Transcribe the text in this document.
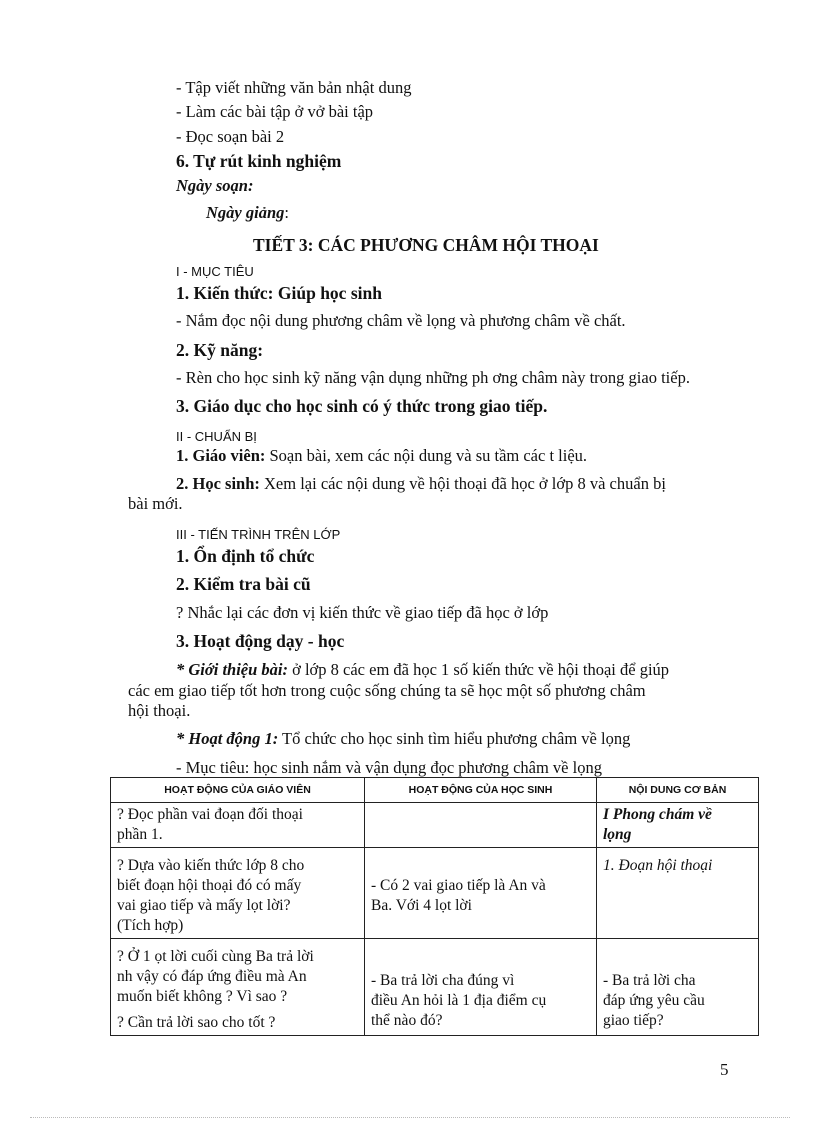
- Tập viết những văn bản nhật dung
- Làm các bài tập ở vở bài tập
- Đọc soạn bài 2
6. Tự rút kinh nghiệm
Ngày soạn:
Ngày giảng:
TIẾT 3: CÁC PHƯƠNG CHÂM HỘI THOẠI
I - MỤC TIÊU
1. Kiến thức: Giúp học sinh
- Nắm đọc nội dung phương châm về lọng và phương châm về chất.
2. Kỹ năng:
- Rèn cho học sinh kỹ năng vận dụng những ph ơng châm này trong giao tiếp.
3. Giáo dục cho học sinh có ý thức trong giao tiếp.
II - CHUẨN BỊ
1. Giáo viên: Soạn bài, xem các nội dung và su tầm các t liệu.
2. Học sinh: Xem lại các nội dung về hội thoại đã học ở lớp 8 và chuẩn bị
bài mới.
III - TIẾN TRÌNH TRÊN LỚP
1. Ổn định tổ chức
2. Kiểm tra bài cũ
? Nhắc lại các đơn vị kiến thức về giao tiếp đã học ở lớp
3. Hoạt động dạy - học
* Giới thiệu bài: ở lớp 8 các em đã học 1 số kiến thức về hội thoại để giúp
các em giao tiếp tốt hơn trong cuộc sống chúng ta sẽ học một số phương châm
hội thoại.
* Hoạt động 1: Tổ chức cho học sinh tìm hiểu phương châm về lọng
- Mục tiêu: học sinh nắm và vận dụng đọc phương châm về lọng
HOẠT ĐỘNG CỦA GIÁO VIÊN	HOẠT ĐỘNG CỦA HỌC SINH	NỘI DUNG CƠ BẢN

? Đọc phần vai đoạn đối thoại
phần 1.		I Phong chám về
lọng

? Dựa vào kiến thức lớp 8 cho
biết đoạn hội thoại đó có mấy
vai giao tiếp và mấy lọt lời?
(Tích hợp)	- Có 2 vai giao tiếp là An và
Ba. Với 4 lọt lời	1. Đoạn hội thoại

? Ở 1 ọt lời cuối cùng Ba trả lời
nh vậy có đáp ứng điều mà An
muốn biết không ? Vì sao ?
? Cần trả lời sao cho tốt ?	- Ba trả lời cha đúng vì
điều An hỏi là 1 địa điểm cụ
thể nào đó?	- Ba trả lời cha
đáp ứng yêu cầu
giao tiếp?
5
